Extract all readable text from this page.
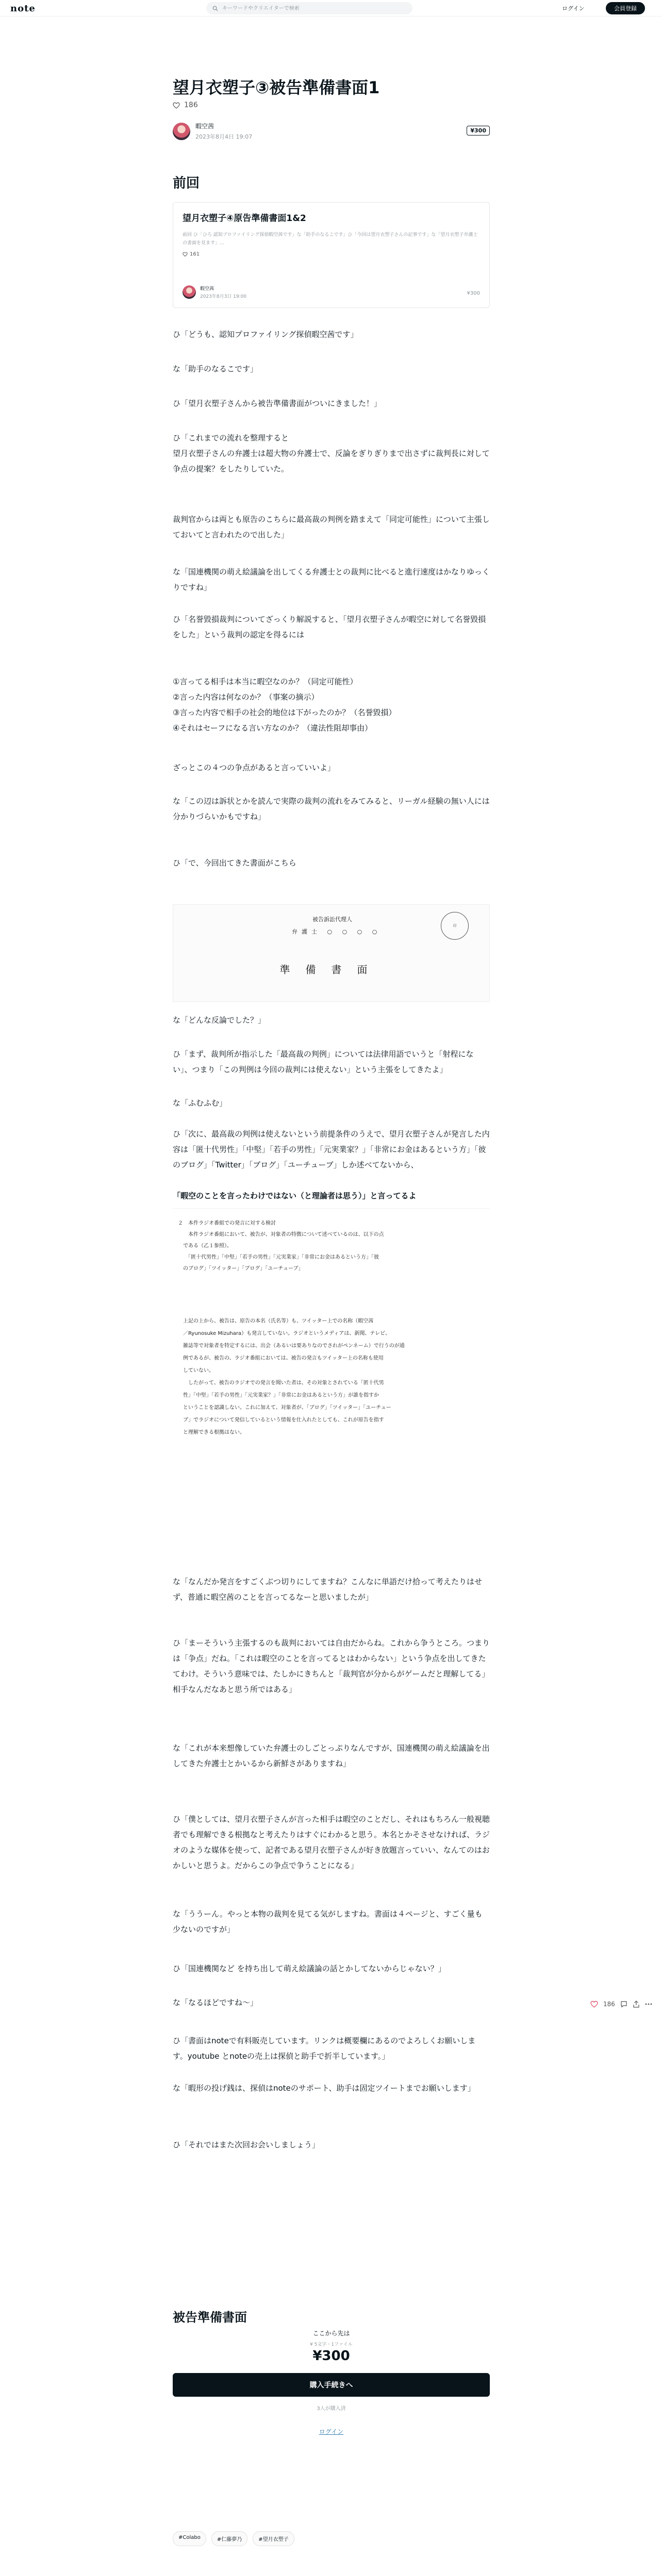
note
キーワードやクリエイターで検索	ログイン	会員登録
望月衣塑子③被告準備書面1
186
暇空茜
2023年8月4日 19:07
¥300
前回
望月衣塑子④原告準備書面1&2
前回 ひ「ひろ 認知プロファイリング探偵暇空茜です」な「助手のなるこです」ひ「今回は望月衣塑子さんの記事です」な「望月衣塑子弁護士の書面を見ます」…
161
暇空茜
2023年8月3日 19:00
¥300
ひ「どうも、認知プロファイリング探偵暇空茜です」
な「助手のなるこです」
ひ「望月衣塑子さんから被告準備書面がついにきました！」
ひ「これまでの流れを整理すると
望月衣塑子さんの弁護士は超大物の弁護士で、反論をぎりぎりまで出さずに裁判長に対して争点の提案？をしたりしていた。
裁判官からは両とも原告のこちらに最高裁の判例を踏まえて「同定可能性」について主張しておいてと言われたので出した」
な「国連機関の萌え絵議論を出してくる弁護士との裁判に比べると進行速度はかなりゆっくりですね」
ひ「名誉毀損裁判についてざっくり解説すると、「望月衣塑子さんが暇空に対して名誉毀損をした」という裁判の認定を得るには
①言ってる相手は本当に暇空なのか？（同定可能性）
②言った内容は何なのか？（事案の摘示）
③言った内容で相手の社会的地位は下がったのか？（名誉毀損）
④それはセーフになる言い方なのか？（違法性阻却事由）
ざっとこの４つの争点があると言っていいよ」
な「この辺は訴状とかを読んで実際の裁判の流れをみてみると、リーガル経験の無い人には分かりづらいかもですね」
ひ「で、今回出てきた書面がこちら
被告訴訟代理人
弁護士 ○ ○ ○ ○
印
準備書面
な「どんな反論でした？」
ひ「まず、裁判所が指示した「最高裁の判例」については法律用語でいうと「射程にない」、つまり「この判例は今回の裁判には使えない」という主張をしてきたよ」
な「ふむふむ」
ひ「次に、最高裁の判例は使えないという前提条件のうえで、望月衣塑子さんが発言した内容は「匿十代男性」「中堅」「若手の男性」「元実業家？」「非常にお金はあるという方」「彼のブログ」「Twitter」「ブログ」「ユーチューブ」しか述べてないから、
「暇空のことを言ったわけではない（と理論者は思う）」と言ってるよ
２　本件ラジオ番組での発言に対する検討
　　本件ラジオ番組において、被告が、対象者の特徴について述べているのは、以下の点
　である（乙１参照）。
　　「匿十代男性」「中堅」「若手の男性」「元実業家」「非常にお金はあるという方」「彼
　のブログ」「ツイッター」「ブログ」「ユーチューブ」
　上記の上から、被告は、原告の本名（氏名等）も、ツイッター上での名称（暇空茜
　／Ryunosuke Mizuhara）も発言していない。ラジオというメディアは、新聞、テレビ、
　雑誌等で対象者を特定するには、出会（あるいは要ありなのでされがペンネーム）で行うのが通
　例であるが、被告の、ラジオ番組においては、被告の発言もツイッター上の名称も使用
　していない。
　　したがって、被告のラジオでの発言を聞いた者は、その対象とされている「匿十代男
　性」「中堅」「若手の男性」「元実業家？」「非常にお金はあるという方」が誰を指すか
　ということを認識しない。これに加えて、対象者が、「ブログ」「ツイッター」「ユーチュー
　ブ」でラジオについて発信しているという情報を仕入れたとしても、これが原告を指す
　と理解できる根拠はない。
な「なんだか発言をすごくぶつ切りにしてますね？こんなに単語だけ拾って考えたりはせず、普通に暇空茜のことを言ってるなーと思いましたが」
ひ「まーそういう主張するのも裁判においては自由だからね。これから争うところ。つまりは「争点」だね。「これは暇空のことを言ってるとはわからない」という争点を出してきたてわけ。そういう意味では、たしかにきちんと「裁判官が分からがゲームだと理解してる」相手なんだなあと思う所ではある」
な「これが本来想像していた弁護士のしごとっぷりなんですが、国連機関の萌え絵議論を出してきた弁護士とかいるから新鮮さがありますね」
ひ「僕としては、望月衣塑子さんが言った相手は暇空のことだし、それはもちろん一般視聴者でも理解できる根拠なと考えたりはすぐにわかると思う。本名とかそさせなければ、ラジオのような媒体を使って、記者である望月衣塑子さんが好き放題言っていい、なんてのはおかしいと思うよ。だからこの争点で争うことになる」
な「ううーん。やっと本物の裁判を見てる気がしますね。書面は４ページと、すごく量も少ないのですが」
ひ「国連機関など を持ち出して萌え絵議論の話とかしてないからじゃない？」
な「なるほどですね～」
ひ「書面はnoteで有料販売しています。リンクは概要欄にあるのでよろしくお願いします。youtube とnoteの売上は探偵と助手で折半しています。」
な「暇形の投げ銭は、探偵はnoteのサポート、助手は固定ツイートまでお願いします」
ひ「それではまた次回お会いしましょう」
186
被告準備書面
ここから先は
¥ 5文字・1ファイル
¥300
購入手続きへ
3人が購入済
ログイン
#Colabo	#仁藤夢乃	#望月衣塑子
